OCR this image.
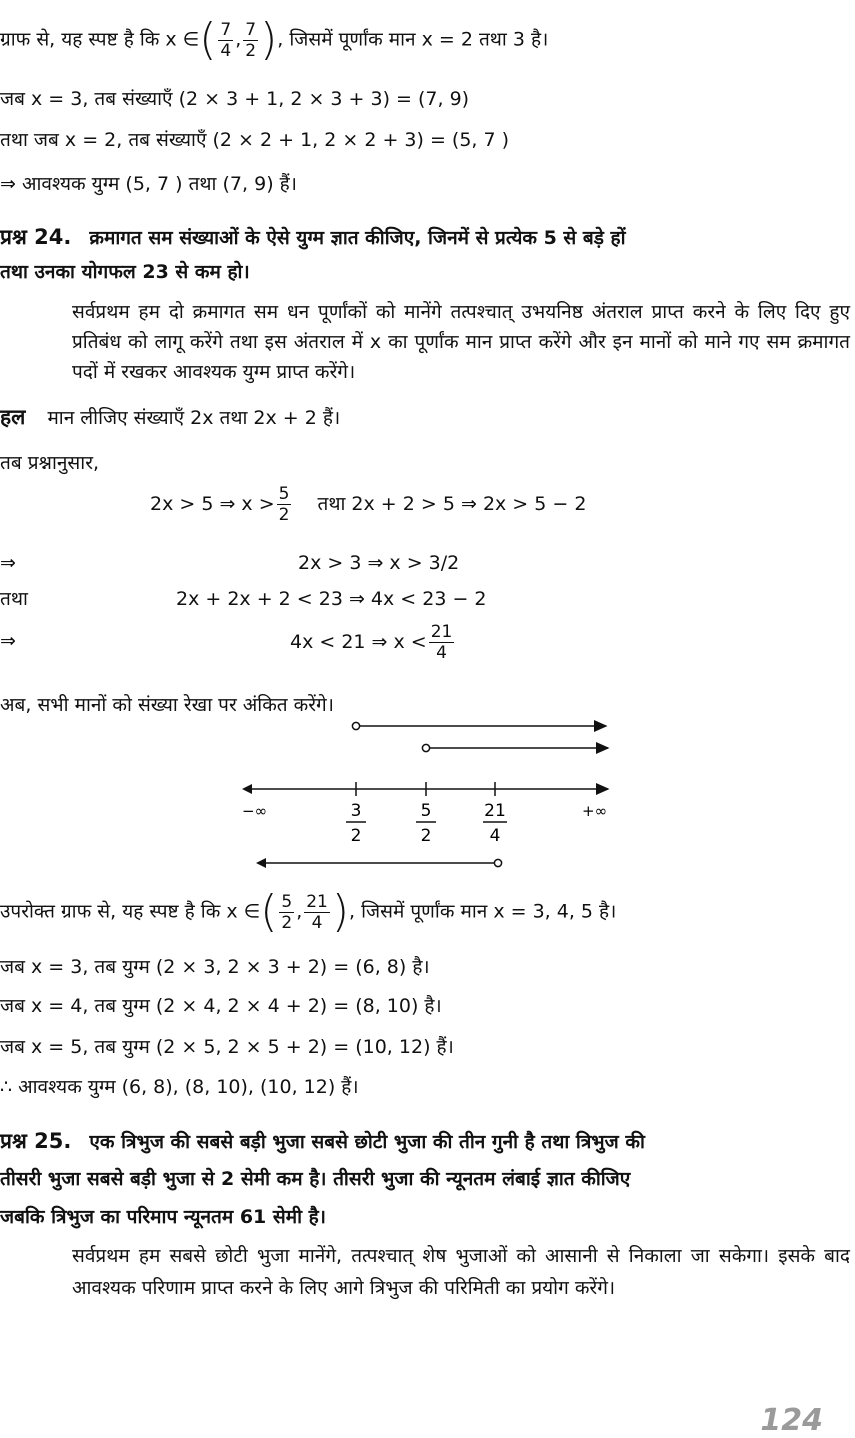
ग्राफ से, यह स्पष्ट है कि x ∈( $\frac{7}{4}$ , $\frac{7}{2}$ ), जिसमें पूर्णांक मान x = 2 तथा 3 है।
जब x = 3, तब संख्याएँ (2 × 3 + 1, 2 × 3 + 3) = (7, 9)
तथा जब x = 2, तब संख्याएँ (2 × 2 + 1, 2 × 2 + 3) = (5, 7 )
⇒ आवश्यक युग्म (5, 7 ) तथा (7, 9) हैं।
प्रश्न 24. क्रमागत सम संख्याओं के ऐसे युग्म ज्ञात कीजिए, जिनमें से प्रत्येक 5 से बड़े हों
तथा उनका योगफल 23 से कम हो।
सर्वप्रथम हम दो क्रमागत सम धन पूर्णांकों को मानेंगे तत्पश्चात् उभयनिष्ठ अंतराल प्राप्त करने के लिए दिए हुए प्रतिबंध को लागू करेंगे तथा इस अंतराल में x का पूर्णांक मान प्राप्त करेंगे और इन मानों को माने गए सम क्रमागत पदों में रखकर आवश्यक युग्म प्राप्त करेंगे।
हल मान लीजिए संख्याएँ 2x तथा 2x + 2 हैं।
तब प्रश्नानुसार,
2x > 5 ⇒ $x > \frac{5}{2}$ तथा 2x + 2 > 5 ⇒ 2x > 5 − 2
⇒	2x > 3 ⇒ x > 3/2
तथा	2x + 2x + 2 < 23 ⇒ 4x < 23 − 2
⇒	4x < 21 ⇒ $x < \frac{21}{4}$
अब, सभी मानों को संख्या रेखा पर अंकित करेंगे।
−∞	+∞
3
2
5
2
21
4
उपरोक्त ग्राफ से, यह स्पष्ट है कि x ∈( $\frac{5}{2}$ , $\frac{21}{4}$ ), जिसमें पूर्णांक मान x = 3, 4, 5 है।
जब x = 3, तब युग्म (2 × 3, 2 × 3 + 2) = (6, 8) है।
जब x = 4, तब युग्म (2 × 4, 2 × 4 + 2) = (8, 10) है।
जब x = 5, तब युग्म (2 × 5, 2 × 5 + 2) = (10, 12) हैं।
∴ आवश्यक युग्म (6, 8), (8, 10), (10, 12) हैं।
प्रश्न 25. एक त्रिभुज की सबसे बड़ी भुजा सबसे छोटी भुजा की तीन गुनी है तथा त्रिभुज की
तीसरी भुजा सबसे बड़ी भुजा से 2 सेमी कम है। तीसरी भुजा की न्यूनतम लंबाई ज्ञात कीजिए
जबकि त्रिभुज का परिमाप न्यूनतम 61 सेमी है।
सर्वप्रथम हम सबसे छोटी भुजा मानेंगे, तत्पश्चात् शेष भुजाओं को आसानी से निकाला जा सकेगा। इसके बाद आवश्यक परिणाम प्राप्त करने के लिए आगे त्रिभुज की परिमिती का प्रयोग करेंगे।
124
